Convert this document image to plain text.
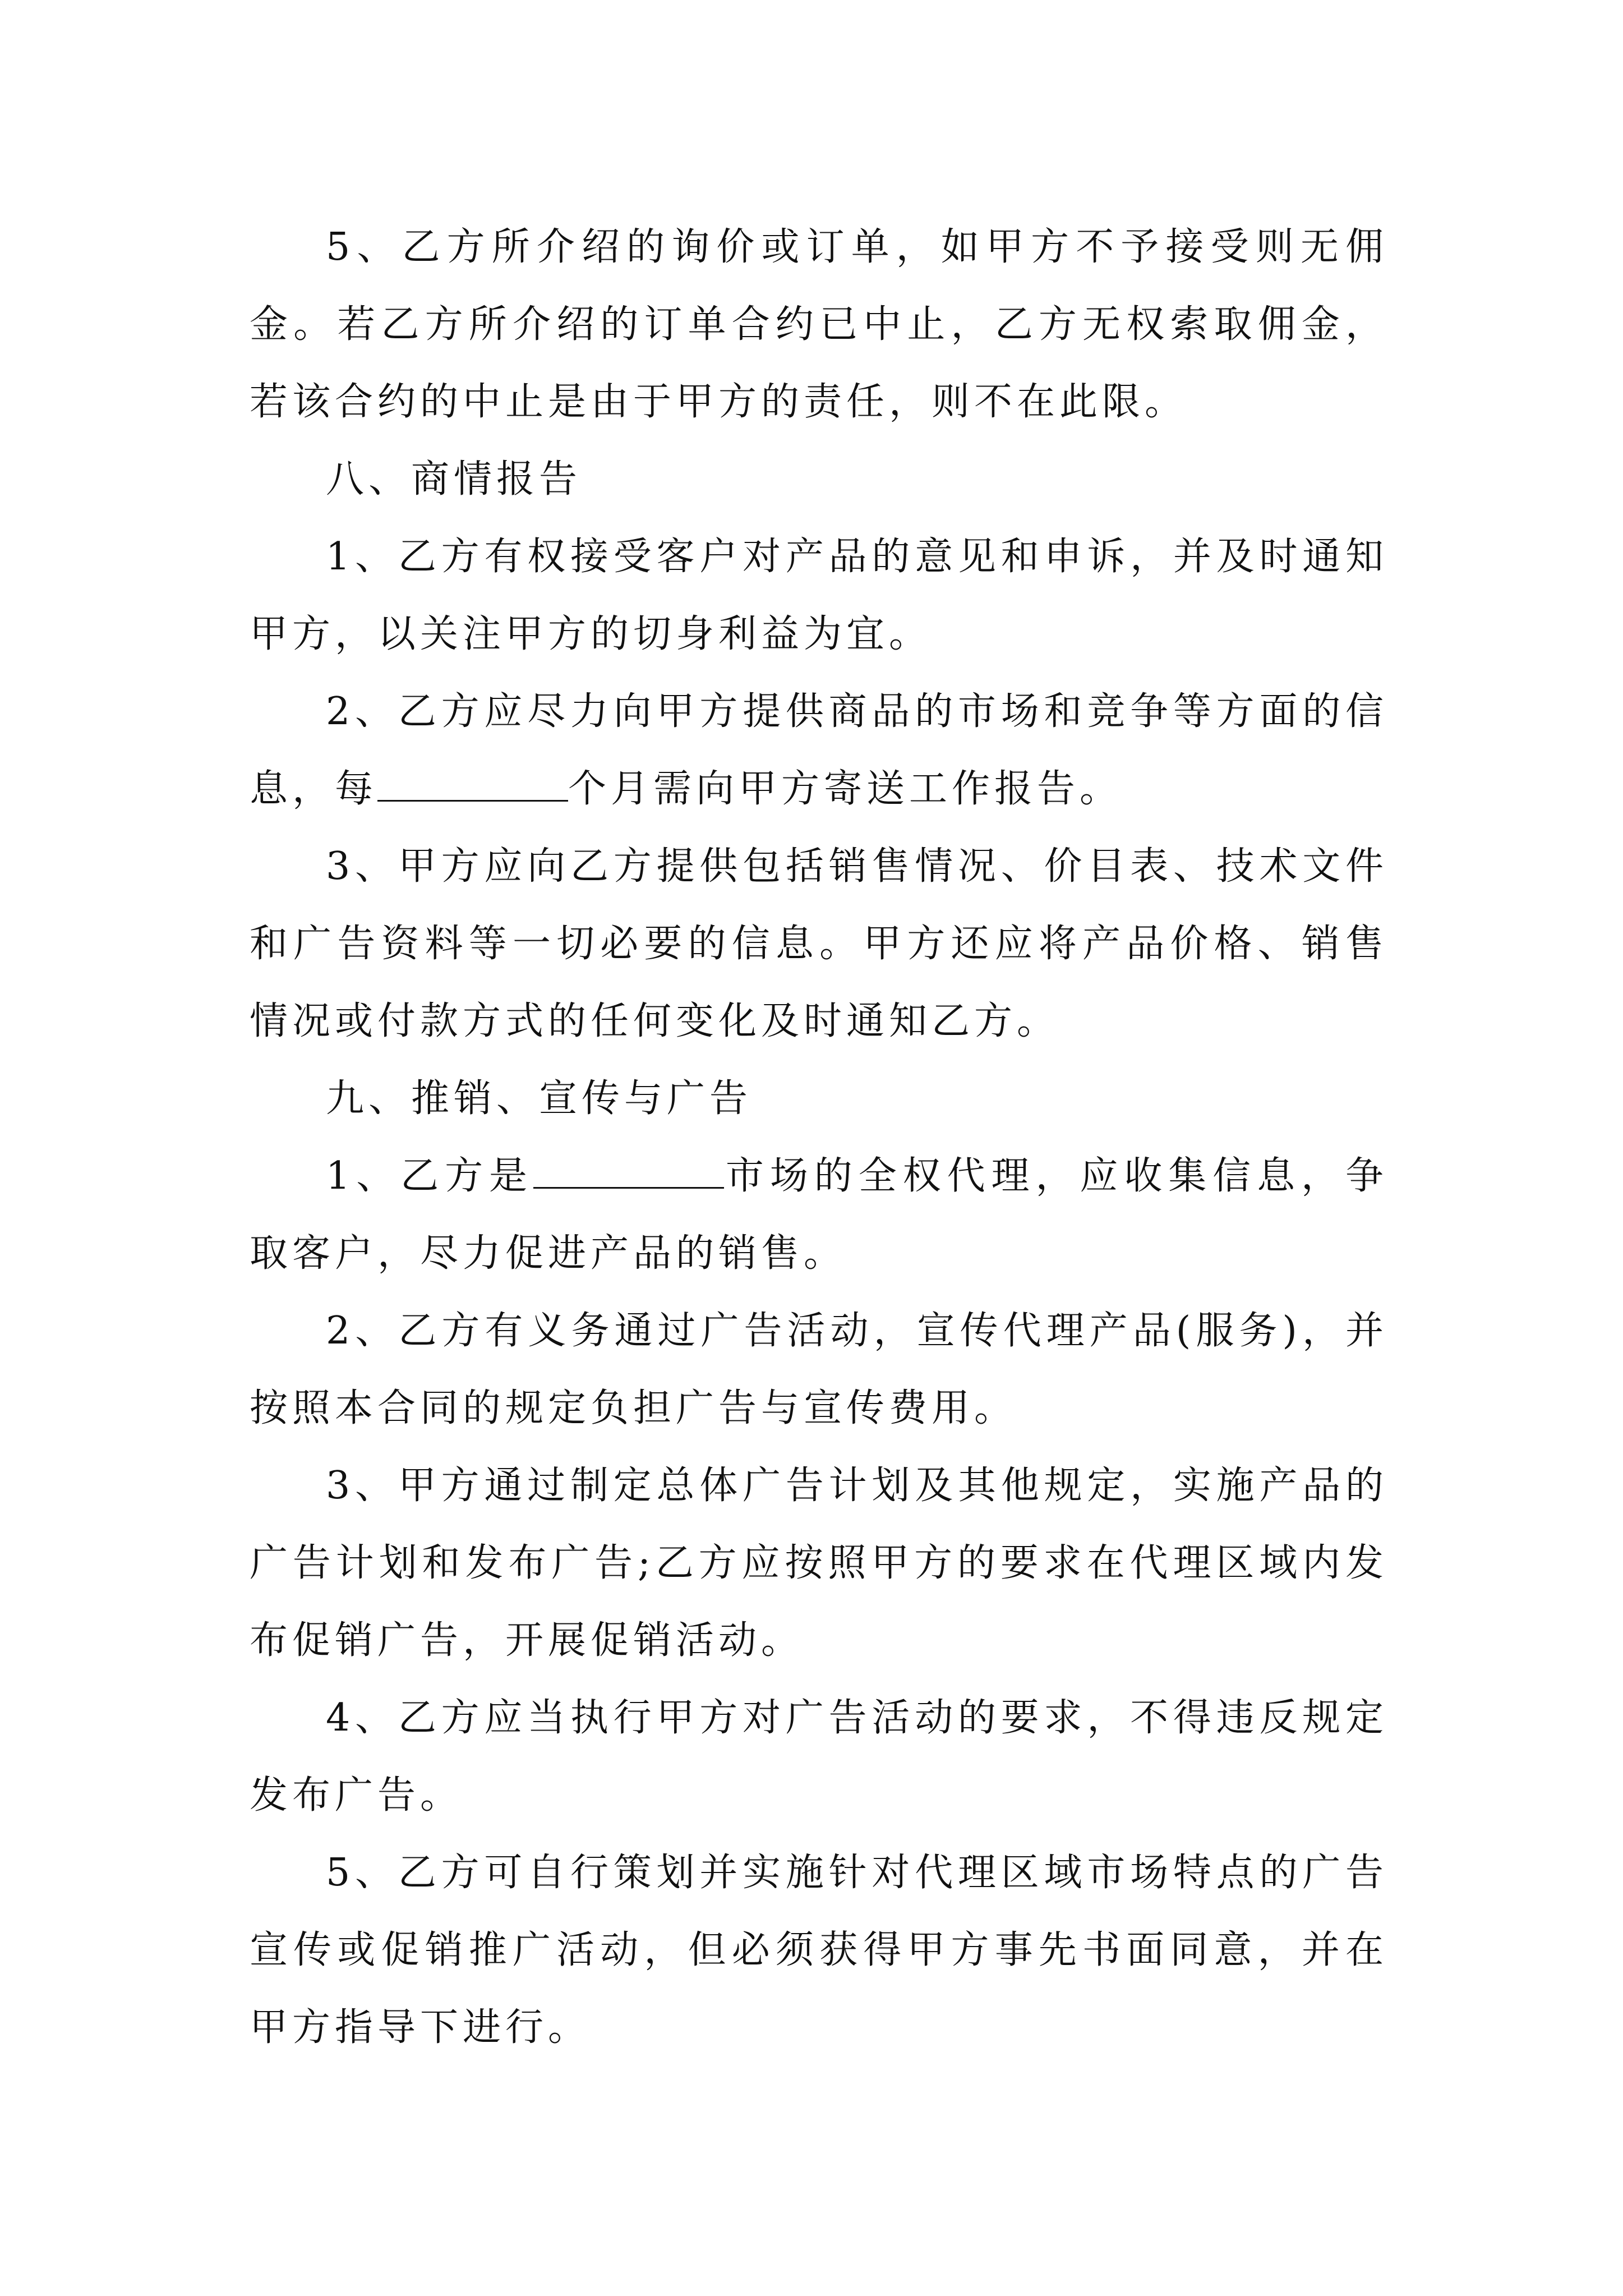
5、乙方所介绍的询价或订单，如甲方不予接受则无佣金。若乙方所介绍的订单合约已中止，乙方无权索取佣金，若该合约的中止是由于甲方的责任，则不在此限。

八、商情报告

1、乙方有权接受客户对产品的意见和申诉，并及时通知甲方，以关注甲方的切身利益为宜。

2、乙方应尽力向甲方提供商品的市场和竞争等方面的信息，每	个月需向甲方寄送工作报告。

3、甲方应向乙方提供包括销售情况、价目表、技术文件和广告资料等一切必要的信息。甲方还应将产品价格、销售情况或付款方式的任何变化及时通知乙方。

九、推销、宣传与广告

1、乙方是	市场的全权代理，应收集信息，争取客户，尽力促进产品的销售。

2、乙方有义务通过广告活动，宣传代理产品(服务)，并按照本合同的规定负担广告与宣传费用。

3、甲方通过制定总体广告计划及其他规定，实施产品的广告计划和发布广告;乙方应按照甲方的要求在代理区域内发布促销广告，开展促销活动。

4、乙方应当执行甲方对广告活动的要求，不得违反规定发布广告。

5、乙方可自行策划并实施针对代理区域市场特点的广告宣传或促销推广活动，但必须获得甲方事先书面同意，并在甲方指导下进行。
